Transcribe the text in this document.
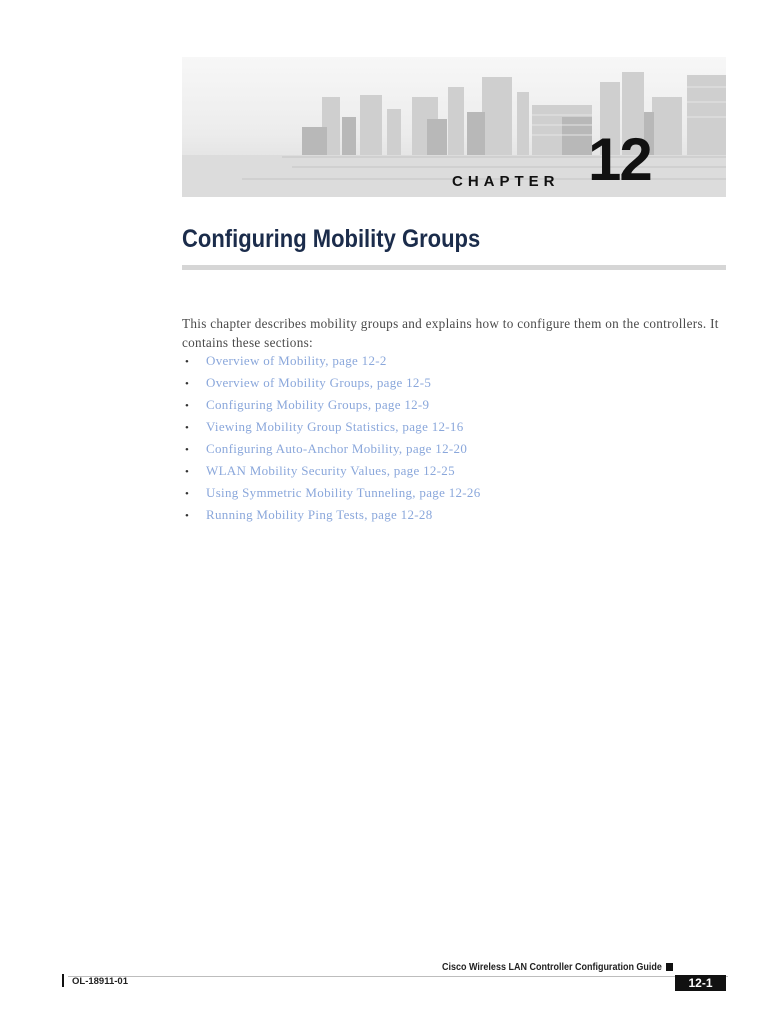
CHAPTER 12
Configuring Mobility Groups

This chapter describes mobility groups and explains how to configure them on the controllers. It contains these sections:

• Overview of Mobility, page 12-2
• Overview of Mobility Groups, page 12-5
• Configuring Mobility Groups, page 12-9
• Viewing Mobility Group Statistics, page 12-16
• Configuring Auto-Anchor Mobility, page 12-20
• WLAN Mobility Security Values, page 12-25
• Using Symmetric Mobility Tunneling, page 12-26
• Running Mobility Ping Tests, page 12-28
Cisco Wireless LAN Controller Configuration Guide
OL-18911-01	12-1
